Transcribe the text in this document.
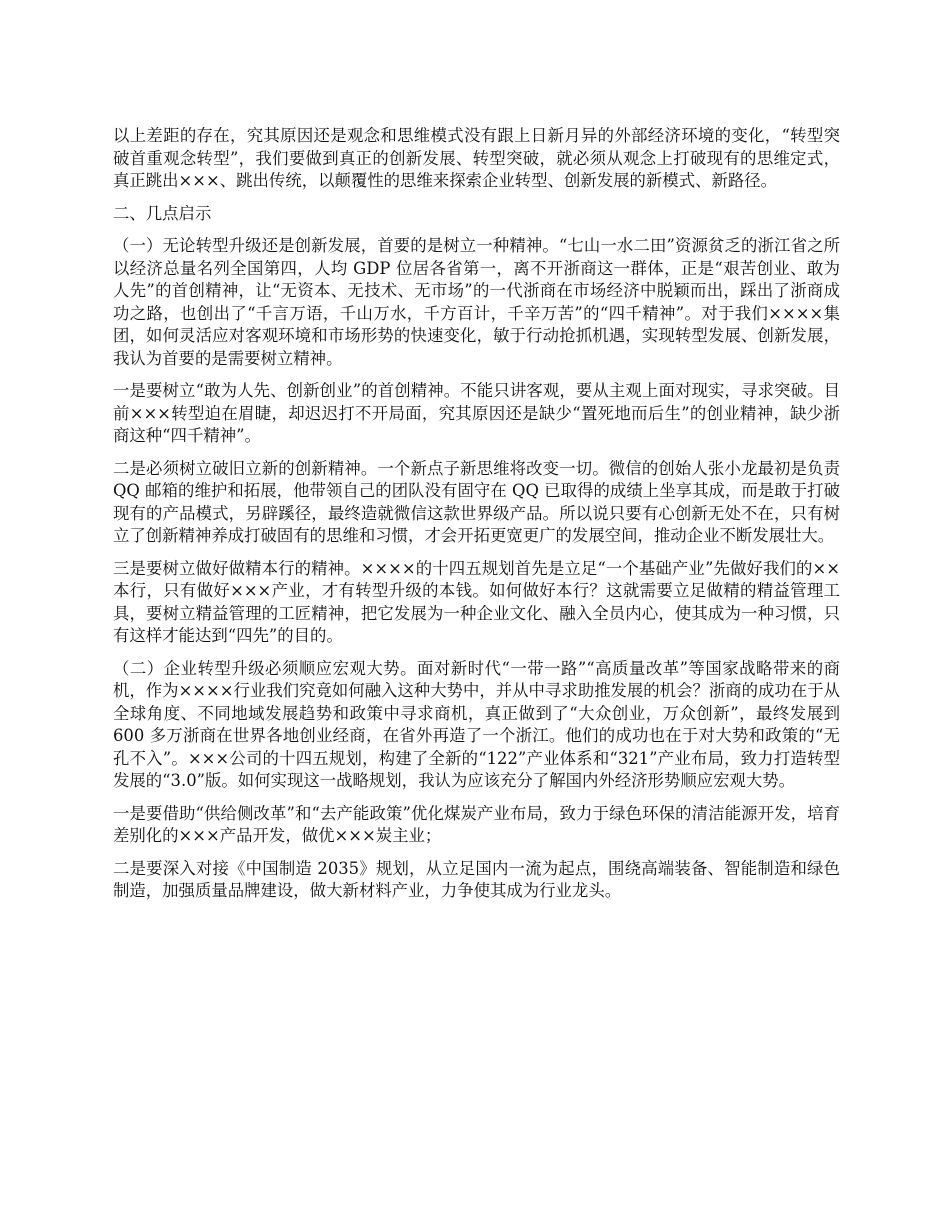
以上差距的存在，究其原因还是观念和思维模式没有跟上日新月异的外部经济环境的变化，“转型突破首重观念转型”，我们要做到真正的创新发展、转型突破，就必须从观念上打破现有的思维定式，真正跳出×××、跳出传统，以颠覆性的思维来探索企业转型、创新发展的新模式、新路径。

二、几点启示

（一）无论转型升级还是创新发展，首要的是树立一种精神。“七山一水二田”资源贫乏的浙江省之所以经济总量名列全国第四，人均 GDP 位居各省第一，离不开浙商这一群体，正是“艰苦创业、敢为人先”的首创精神，让“无资本、无技术、无市场”的一代浙商在市场经济中脱颖而出，踩出了浙商成功之路，也创出了“千言万语，千山万水，千方百计，千辛万苦”的“四千精神”。对于我们××××集团，如何灵活应对客观环境和市场形势的快速变化，敏于行动抢抓机遇，实现转型发展、创新发展，我认为首要的是需要树立精神。

一是要树立“敢为人先、创新创业”的首创精神。不能只讲客观，要从主观上面对现实，寻求突破。目前×××转型迫在眉睫，却迟迟打不开局面，究其原因还是缺少“置死地而后生”的创业精神，缺少浙商这种“四千精神”。

二是必须树立破旧立新的创新精神。一个新点子新思维将改变一切。微信的创始人张小龙最初是负责 QQ 邮箱的维护和拓展，他带领自己的团队没有固守在 QQ 已取得的成绩上坐享其成，而是敢于打破现有的产品模式，另辟蹊径，最终造就微信这款世界级产品。所以说只要有心创新无处不在，只有树立了创新精神养成打破固有的思维和习惯，才会开拓更宽更广的发展空间，推动企业不断发展壮大。

三是要树立做好做精本行的精神。××××的十四五规划首先是立足“一个基础产业”先做好我们的××本行，只有做好×××产业，才有转型升级的本钱。如何做好本行？这就需要立足做精的精益管理工具，要树立精益管理的工匠精神，把它发展为一种企业文化、融入全员内心，使其成为一种习惯，只有这样才能达到“四先”的目的。

（二）企业转型升级必须顺应宏观大势。面对新时代“一带一路”“高质量改革”等国家战略带来的商机，作为××××行业我们究竟如何融入这种大势中，并从中寻求助推发展的机会？浙商的成功在于从全球角度、不同地域发展趋势和政策中寻求商机，真正做到了“大众创业，万众创新”，最终发展到 600 多万浙商在世界各地创业经商，在省外再造了一个浙江。他们的成功也在于对大势和政策的“无孔不入”。×××公司的十四五规划，构建了全新的“122”产业体系和“321”产业布局，致力打造转型发展的“3.0”版。如何实现这一战略规划，我认为应该充分了解国内外经济形势顺应宏观大势。

一是要借助“供给侧改革”和“去产能政策”优化煤炭产业布局，致力于绿色环保的清洁能源开发，培育差别化的×××产品开发，做优×××炭主业；

二是要深入对接《中国制造 2035》规划，从立足国内一流为起点，围绕高端装备、智能制造和绿色制造，加强质量品牌建设，做大新材料产业，力争使其成为行业龙头。
